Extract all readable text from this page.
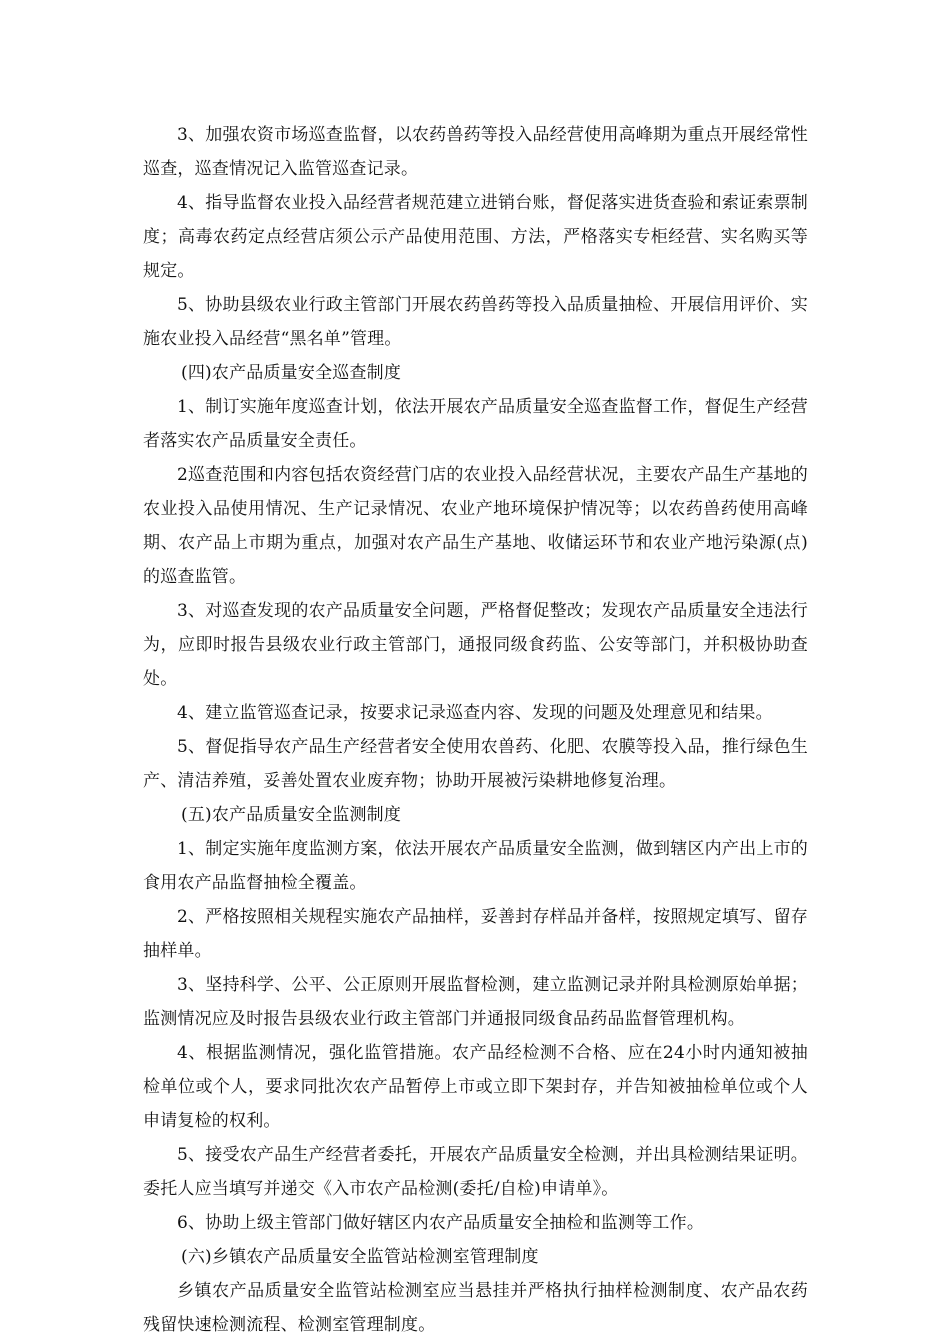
3、加强农资市场巡查监督，以农药兽药等投入品经营使用高峰期为重点开展经常性巡查，巡查情况记入监管巡查记录。

4、指导监督农业投入品经营者规范建立进销台账，督促落实进货查验和索证索票制度；高毒农药定点经营店须公示产品使用范围、方法，严格落实专柜经营、实名购买等规定。

5、协助县级农业行政主管部门开展农药兽药等投入品质量抽检、开展信用评价、实施农业投入品经营“黑名单”管理。

(四)农产品质量安全巡查制度

1、制订实施年度巡查计划，依法开展农产品质量安全巡查监督工作，督促生产经营者落实农产品质量安全责任。

2巡查范围和内容包括农资经营门店的农业投入品经营状况，主要农产品生产基地的农业投入品使用情况、生产记录情况、农业产地环境保护情况等；以农药兽药使用高峰期、农产品上市期为重点，加强对农产品生产基地、收储运环节和农业产地污染源(点)的巡查监管。

3、对巡查发现的农产品质量安全问题，严格督促整改；发现农产品质量安全违法行为，应即时报告县级农业行政主管部门，通报同级食药监、公安等部门，并积极协助查处。

4、建立监管巡查记录，按要求记录巡查内容、发现的问题及处理意见和结果。

5、督促指导农产品生产经营者安全使用农兽药、化肥、农膜等投入品，推行绿色生产、清洁养殖，妥善处置农业废弃物；协助开展被污染耕地修复治理。

(五)农产品质量安全监测制度

1、制定实施年度监测方案，依法开展农产品质量安全监测，做到辖区内产出上市的食用农产品监督抽检全覆盖。

2、严格按照相关规程实施农产品抽样，妥善封存样品并备样，按照规定填写、留存抽样单。

3、坚持科学、公平、公正原则开展监督检测，建立监测记录并附具检测原始单据；监测情况应及时报告县级农业行政主管部门并通报同级食品药品监督管理机构。

4、根据监测情况，强化监管措施。农产品经检测不合格、应在24小时内通知被抽检单位或个人，要求同批次农产品暂停上市或立即下架封存，并告知被抽检单位或个人申请复检的权利。

5、接受农产品生产经营者委托，开展农产品质量安全检测，并出具检测结果证明。委托人应当填写并递交《入市农产品检测(委托/自检)申请单》。

6、协助上级主管部门做好辖区内农产品质量安全抽检和监测等工作。

(六)乡镇农产品质量安全监管站检测室管理制度

乡镇农产品质量安全监管站检测室应当悬挂并严格执行抽样检测制度、农产品农药残留快速检测流程、检测室管理制度。
